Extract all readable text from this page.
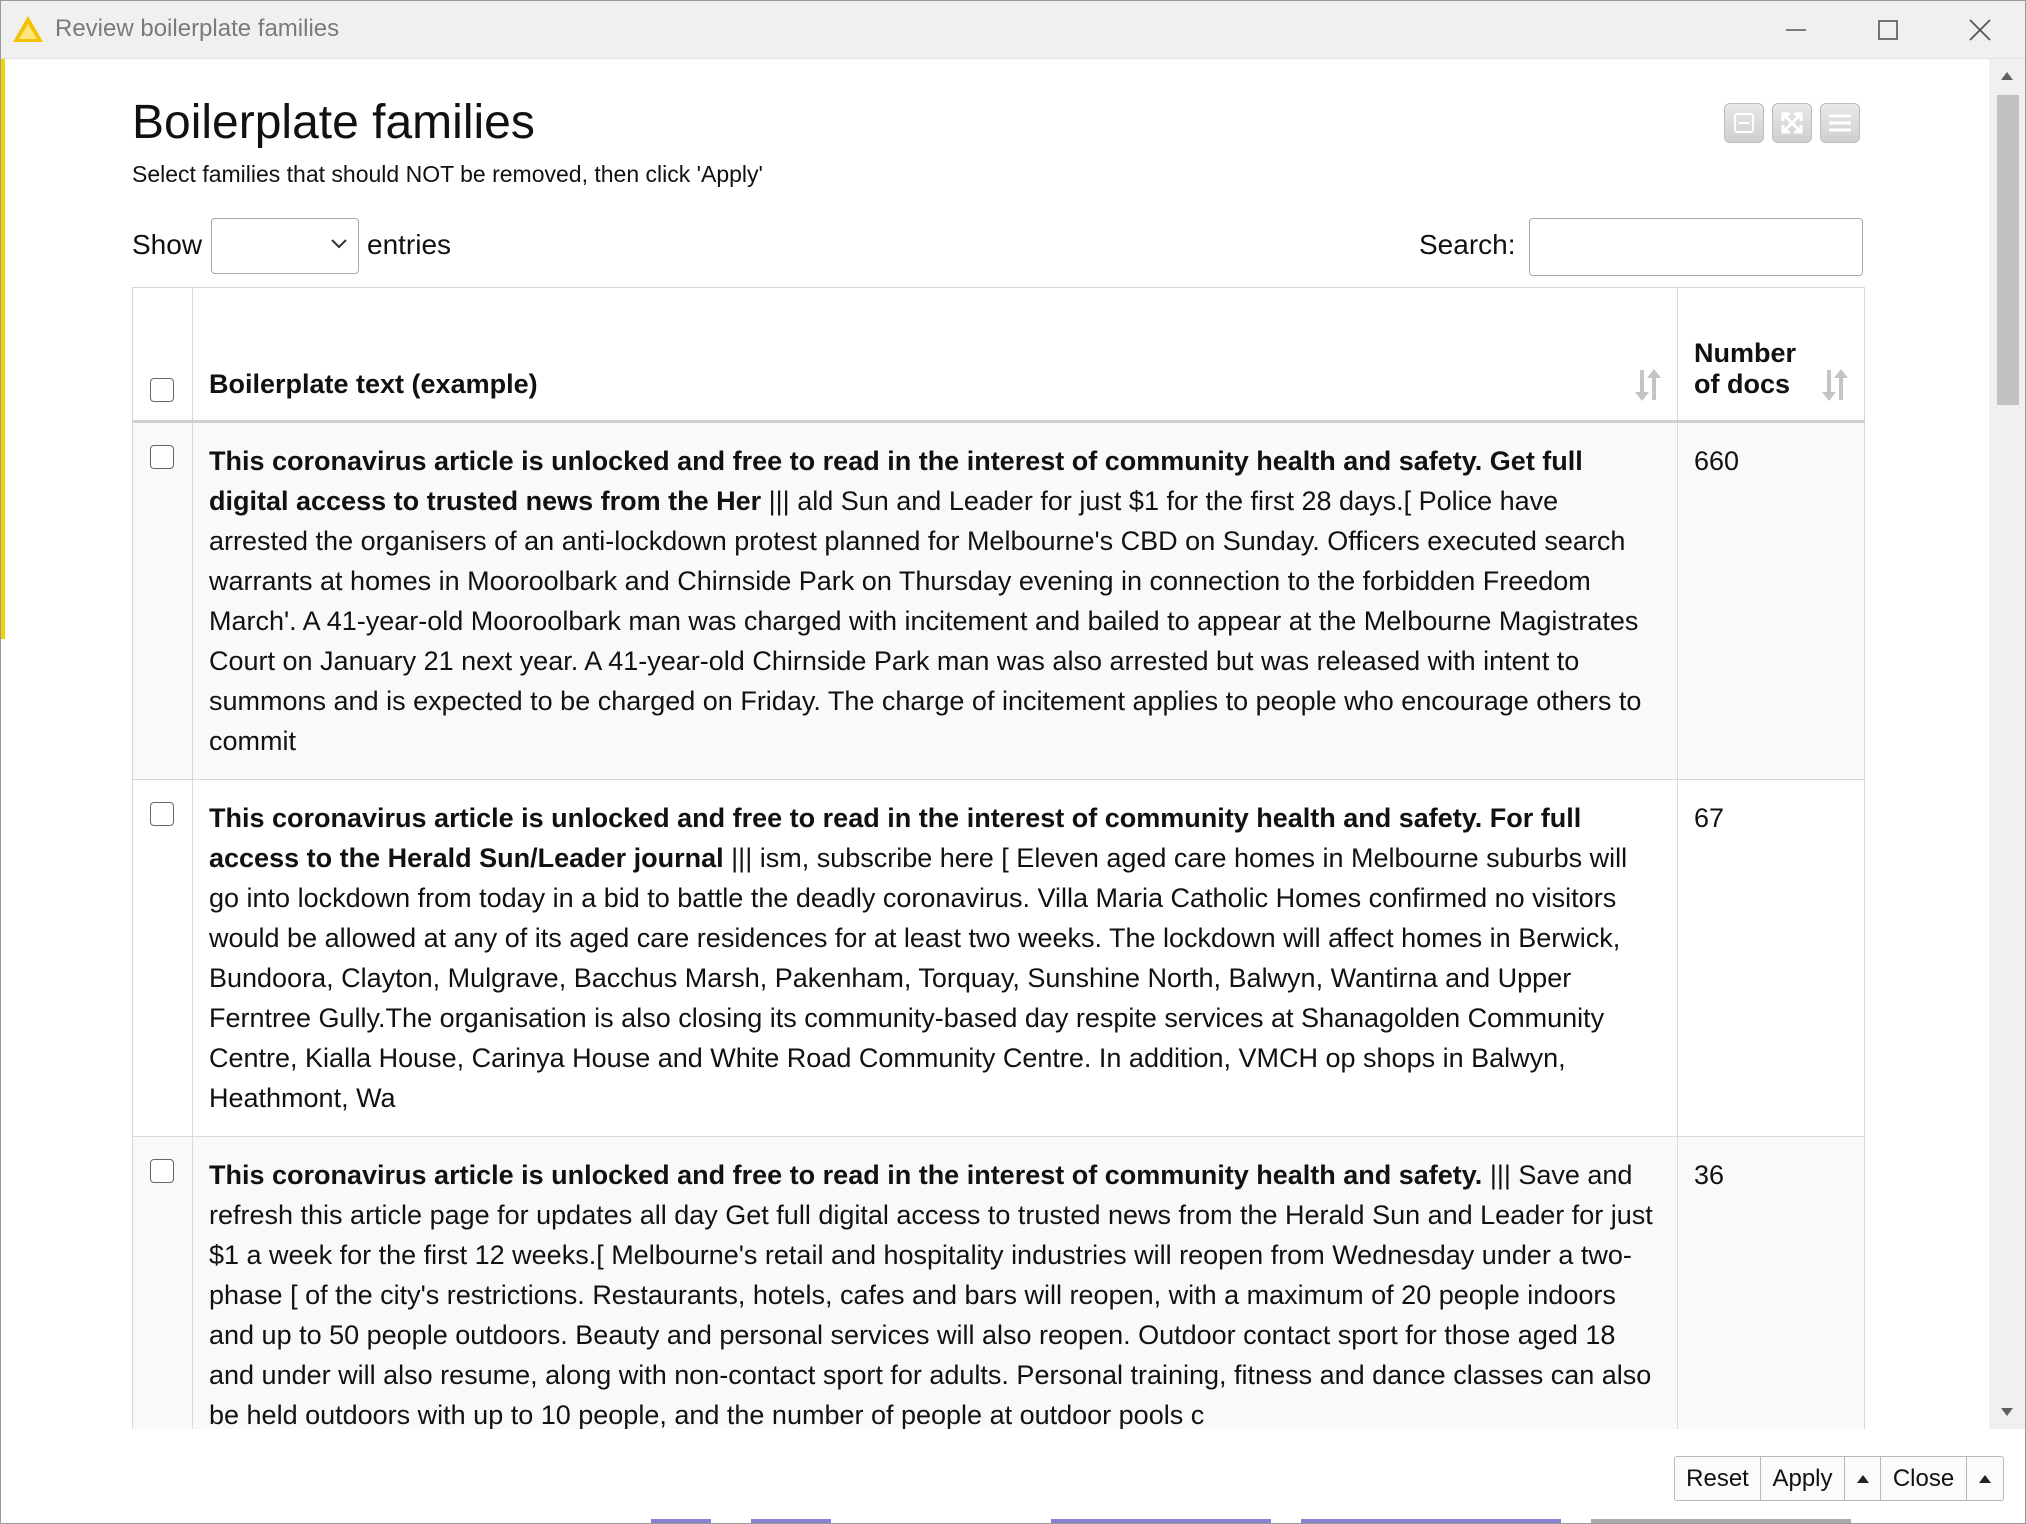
Review boilerplate families
Boilerplate families
Select families that should NOT be removed, then click 'Apply'
Show	entries	Search:
	Boilerplate text (example)	Number
of docs

	This coronavirus article is unlocked and free to read in the interest of community health and safety. Get full digital access to trusted news from the Her ||| ald Sun and Leader for just $1 for the first 28 days.[ Police have arrested the organisers of an anti-lockdown protest planned for Melbourne's CBD on Sunday. Officers executed search warrants at homes in Mooroolbark and Chirnside Park on Thursday evening in connection to the forbidden Freedom March'. A 41-year-old Mooroolbark man was charged with incitement and bailed to appear at the Melbourne Magistrates Court on January 21 next year. A 41-year-old Chirnside Park man was also arrested but was released with intent to summons and is expected to be charged on Friday. The charge of incitement applies to people who encourage others to commit	660

	This coronavirus article is unlocked and free to read in the interest of community health and safety. For full access to the Herald Sun/Leader journal ||| ism, subscribe here [ Eleven aged care homes in Melbourne suburbs will go into lockdown from today in a bid to battle the deadly coronavirus. Villa Maria Catholic Homes confirmed no visitors would be allowed at any of its aged care residences for at least two weeks. The lockdown will affect homes in Berwick, Bundoora, Clayton, Mulgrave, Bacchus Marsh, Pakenham, Torquay, Sunshine North, Balwyn, Wantirna and Upper Ferntree Gully.The organisation is also closing its community-based day respite services at Shanagolden Community Centre, Kialla House, Carinya House and White Road Community Centre. In addition, VMCH op shops in Balwyn, Heathmont, Wa	67

	This coronavirus article is unlocked and free to read in the interest of community health and safety. ||| Save and refresh this article page for updates all day Get full digital access to trusted news from the Herald Sun and Leader for just $1 a week for the first 12 weeks.[ Melbourne's retail and hospitality industries will reopen from Wednesday under a two-phase [ of the city's restrictions. Restaurants, hotels, cafes and bars will reopen, with a maximum of 20 people indoors and up to 50 people outdoors. Beauty and personal services will also reopen. Outdoor contact sport for those aged 18 and under will also resume, along with non-contact sport for adults. Personal training, fitness and dance classes can also be held outdoors with up to 10 people, and the number of people at outdoor pools c	36
Reset Apply	Close
